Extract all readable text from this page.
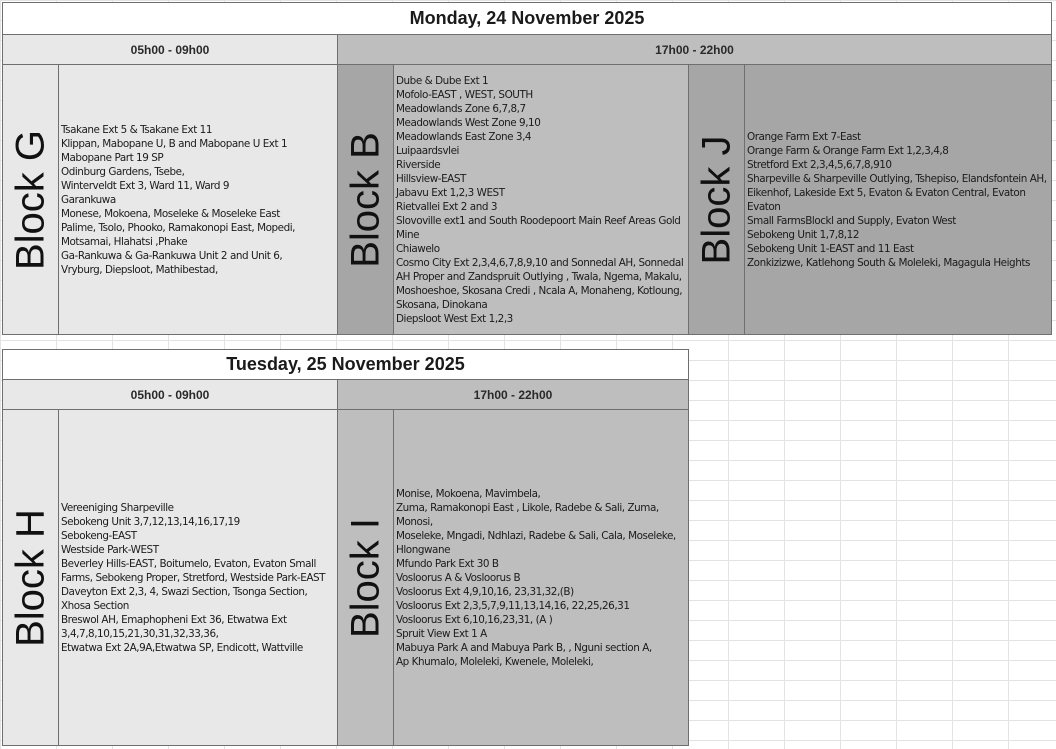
Monday, 24 November 2025
05h00 - 09h00	17h00 - 22h00
Block G Tsakane Ext 5 & Tsakane Ext 11
Klippan, Mabopane U, B and Mabopane U Ext 1
Mabopane Part 19 SP
Odinburg Gardens, Tsebe,
Winterveldt Ext 3, Ward 11, Ward 9
Garankuwa
Monese, Mokoena, Moseleke & Moseleke East
Palime, Tsolo, Phooko, Ramakonopi East, Mopedi,
Motsamai, Hlahatsi ,Phake
Ga-Rankuwa & Ga-Rankuwa Unit 2 and Unit 6,
Vryburg, Diepsloot, Mathibestad,
Block B
Dube & Dube Ext 1
Mofolo-EAST , WEST, SOUTH
Meadowlands Zone 6,7,8,7
Meadowlands West Zone 9,10
Meadowlands East Zone 3,4
Luipaardsvlei
Riverside
Hillsview-EAST
Jabavu Ext 1,2,3 WEST
Rietvallei Ext 2 and 3
Slovoville ext1 and South Roodepoort Main Reef Areas Gold Mine
Chiawelo
Cosmo City Ext 2,3,4,6,7,8,9,10 and Sonnedal AH, Sonnedal AH Proper and Zandspruit Outlying , Twala, Ngema, Makalu, Moshoeshoe, Skosana Credi , Ncala A, Monaheng, Kotloung, Skosana, Dinokana
Diepsloot West Ext 1,2,3
Block J Orange Farm Ext 7-East
Orange Farm & Orange Farm Ext 1,2,3,4,8
Stretford Ext 2,3,4,5,6,7,8,910
Sharpeville & Sharpeville Outlying, Tshepiso, Elandsfontein AH,
Eikenhof, Lakeside Ext 5, Evaton & Evaton Central, Evaton Evaton
Small FarmsBlockl and Supply, Evaton West
Sebokeng Unit 1,7,8,12
Sebokeng Unit 1-EAST and 11 East
Zonkizizwe, Katlehong South & Moleleki, Magagula Heights
Tuesday, 25 November 2025
05h00 - 09h00	17h00 - 22h00
Block H
Vereeniging Sharpeville
Sebokeng Unit 3,7,12,13,14,16,17,19
Sebokeng-EAST
Westside Park-WEST
Beverley Hills-EAST, Boitumelo, Evaton, Evaton Small Farms, Sebokeng Proper, Stretford, Westside Park-EAST
Daveyton Ext 2,3, 4, Swazi Section, Tsonga Section, Xhosa Section
Breswol AH, Emaphopheni Ext 36, Etwatwa Ext 3,4,7,8,10,15,21,30,31,32,33,36,
Etwatwa Ext 2A,9A,Etwatwa SP, Endicott, Wattville
Block I
Monise, Mokoena, Mavimbela,
Zuma, Ramakonopi East , Likole, Radebe & Sali, Zuma, Monosi,
Moseleke, Mngadi, Ndhlazi, Radebe & Sali, Cala, Moseleke,
Hlongwane
Mfundo Park Ext 30 B
Vosloorus A & Vosloorus B
Vosloorus Ext 4,9,10,16, 23,31,32,(B)
Vosloorus Ext 2,3,5,7,9,11,13,14,16, 22,25,26,31
Vosloorus Ext 6,10,16,23,31, (A )
Spruit View Ext 1 A
Mabuya Park A and Mabuya Park B, , Nguni section A,
Ap Khumalo, Moleleki, Kwenele, Moleleki,
